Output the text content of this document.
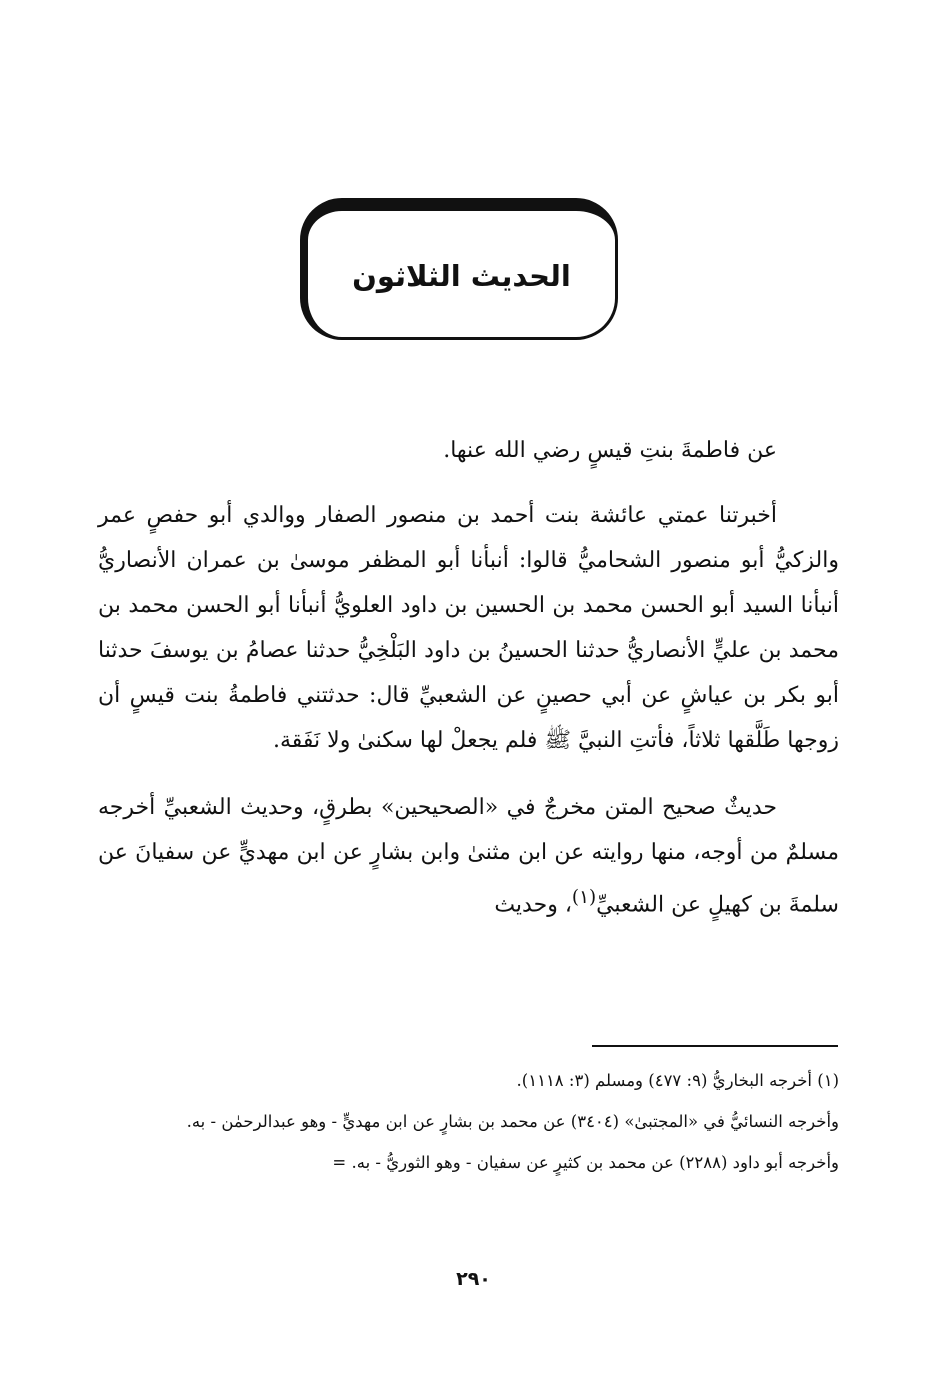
الحديث الثلاثون

عن فاطمةَ بنتِ قيسٍ رضي الله عنها.

أخبرتنا عمتي عائشة بنت أحمد بن منصور الصفار ووالدي أبو حفصٍ عمر والزكيُّ أبو منصور الشحاميُّ قالوا: أنبأنا أبو المظفر موسىٰ بن عمران الأنصاريُّ أنبأنا السيد أبو الحسن محمد بن الحسين بن داود العلويُّ أنبأنا أبو الحسن محمد بن محمد بن عليٍّ الأنصاريُّ حدثنا الحسينُ بن داود البَلْخِيُّ حدثنا عصامُ بن يوسفَ حدثنا أبو بكر بن عياشٍ عن أبي حصينٍ عن الشعبيِّ قال: حدثتني فاطمةُ بنت قيسٍ أن زوجها طَلَّقها ثلاثاً، فأتتِ النبيَّ ﷺ فلم يجعلْ لها سكنىٰ ولا نَفَقة.

حديثٌ صحيح المتن مخرجٌ في «الصحيحين» بطرقٍ، وحديث الشعبيِّ أخرجه مسلمٌ من أوجه، منها روايته عن ابن مثنىٰ وابن بشارٍ عن ابن مهديٍّ عن سفيانَ عن سلمةَ بن كهيلٍ عن الشعبيِّ$^{(١)}$، وحديث

(١) أخرجه البخاريُّ (٩: ٤٧٧) ومسلم (٣: ١١١٨).

وأخرجه النسائيُّ في «المجتبىٰ» (٣٤٠٤) عن محمد بن بشارٍ عن ابن مهديٍّ - وهو عبدالرحمٰن - به.

وأخرجه أبو داود (٢٢٨٨) عن محمد بن كثيرٍ عن سفيان - وهو الثوريُّ - به. =

٢٩٠
